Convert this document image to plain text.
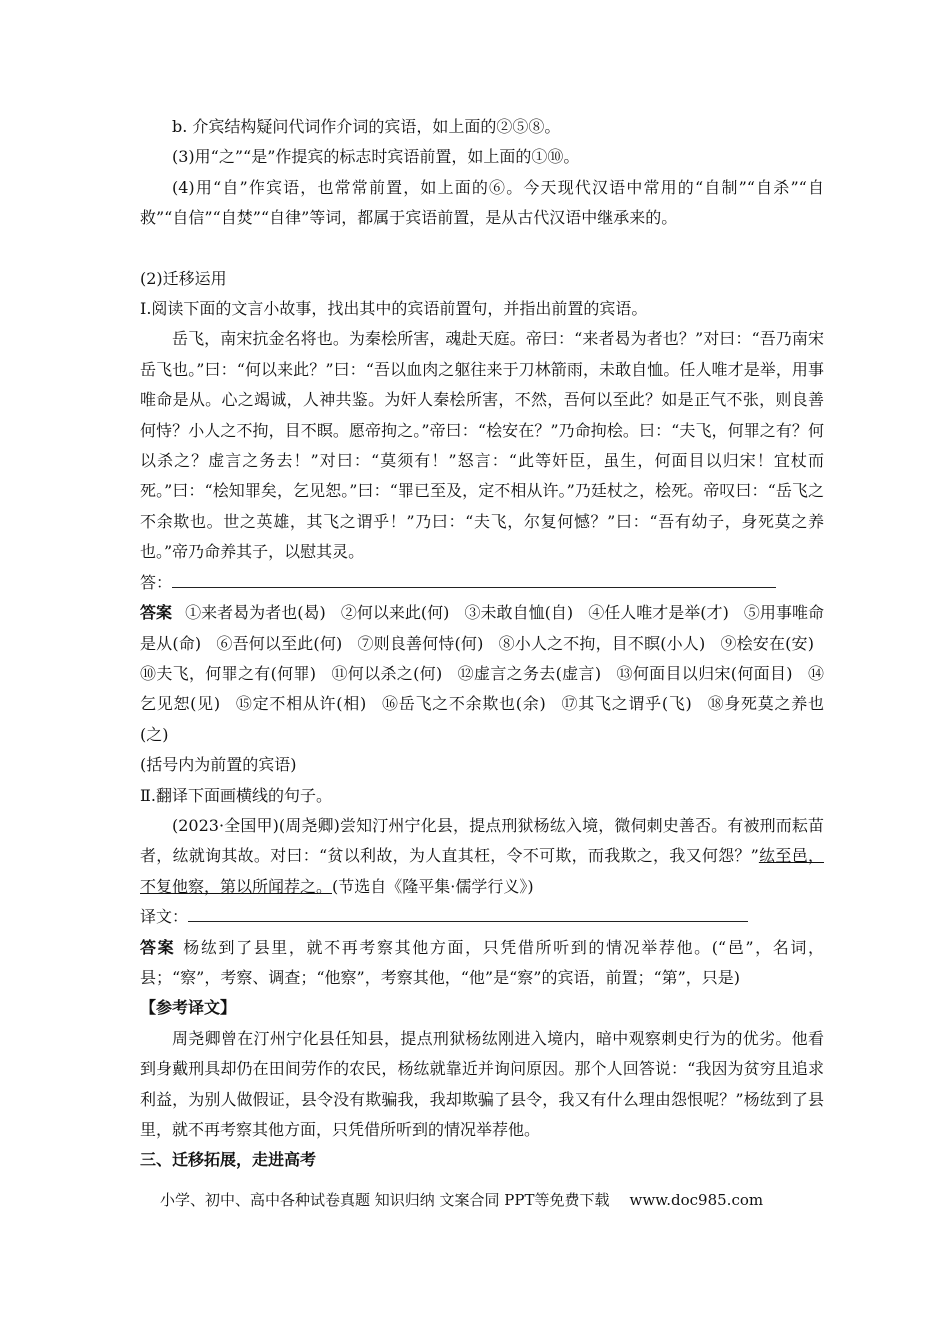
b. 介宾结构疑问代词作介词的宾语，如上面的②⑤⑧。

(3)用“之”“是”作提宾的标志时宾语前置，如上面的①⑩。

(4)用“自”作宾语，也常常前置，如上面的⑥。今天现代汉语中常用的“自制”“自杀”“自救”“自信”“自焚”“自律”等词，都属于宾语前置，是从古代汉语中继承来的。

(2)迁移运用

Ⅰ.阅读下面的文言小故事，找出其中的宾语前置句，并指出前置的宾语。

岳飞，南宋抗金名将也。为秦桧所害，魂赴天庭。帝曰：“来者曷为者也？”对曰：“吾乃南宋岳飞也。”曰：“何以来此？”曰：“吾以血肉之躯往来于刀林箭雨，未敢自恤。任人唯才是举，用事唯命是从。心之竭诚，人神共鉴。为奸人秦桧所害，不然，吾何以至此？如是正气不张，则良善何恃？小人之不拘，目不瞑。愿帝拘之。”帝曰：“桧安在？”乃命拘桧。曰：“夫飞，何罪之有？何以杀之？虚言之务去！”对曰：“莫须有！”怒言：“此等奸臣，虽生，何面目以归宋！宜杖而死。”曰：“桧知罪矣，乞见恕。”曰：“罪已至及，定不相从许。”乃廷杖之，桧死。帝叹曰：“岳飞之不余欺也。世之英雄，其飞之谓乎！”乃曰：“夫飞，尔复何憾？”曰：“吾有幼子，身死莫之养也。”帝乃命养其子，以慰其灵。

答：

答案 ①来者曷为者也(曷) ②何以来此(何) ③未敢自恤(自) ④任人唯才是举(才) ⑤用事唯命是从(命) ⑥吾何以至此(何) ⑦则良善何恃(何) ⑧小人之不拘，目不瞑(小人) ⑨桧安在(安) ⑩夫飞，何罪之有(何罪) ⑪何以杀之(何) ⑫虚言之务去(虚言) ⑬何面目以归宋(何面目) ⑭乞见恕(见) ⑮定不相从许(相) ⑯岳飞之不余欺也(余) ⑰其飞之谓乎(飞) ⑱身死莫之养也(之)

(括号内为前置的宾语)

Ⅱ.翻译下面画横线的句子。

(2023·全国甲)(周尧卿)尝知汀州宁化县，提点刑狱杨纮入境，微伺刺史善否。有被刑而耘苗者，纮就询其故。对曰：“贫以利故，为人直其枉，令不可欺，而我欺之，我又何怨？”纮至邑，不复他察，第以所闻荐之。(节选自《隆平集·儒学行义》)

译文：

答案 杨纮到了县里，就不再考察其他方面，只凭借所听到的情况举荐他。(“邑”，名词，县；“察”，考察、调查；“他察”，考察其他，“他”是“察”的宾语，前置；“第”，只是)

【参考译文】

周尧卿曾在汀州宁化县任知县，提点刑狱杨纮刚进入境内，暗中观察刺史行为的优劣。他看到身戴刑具却仍在田间劳作的农民，杨纮就靠近并询问原因。那个人回答说：“我因为贫穷且追求利益，为别人做假证，县令没有欺骗我，我却欺骗了县令，我又有什么理由怨恨呢？”杨纮到了县里，就不再考察其他方面，只凭借所听到的情况举荐他。

三、迁移拓展，走进高考

小学、初中、高中各种试卷真题 知识归纳 文案合同 PPT等免费下载 www.doc985.com
